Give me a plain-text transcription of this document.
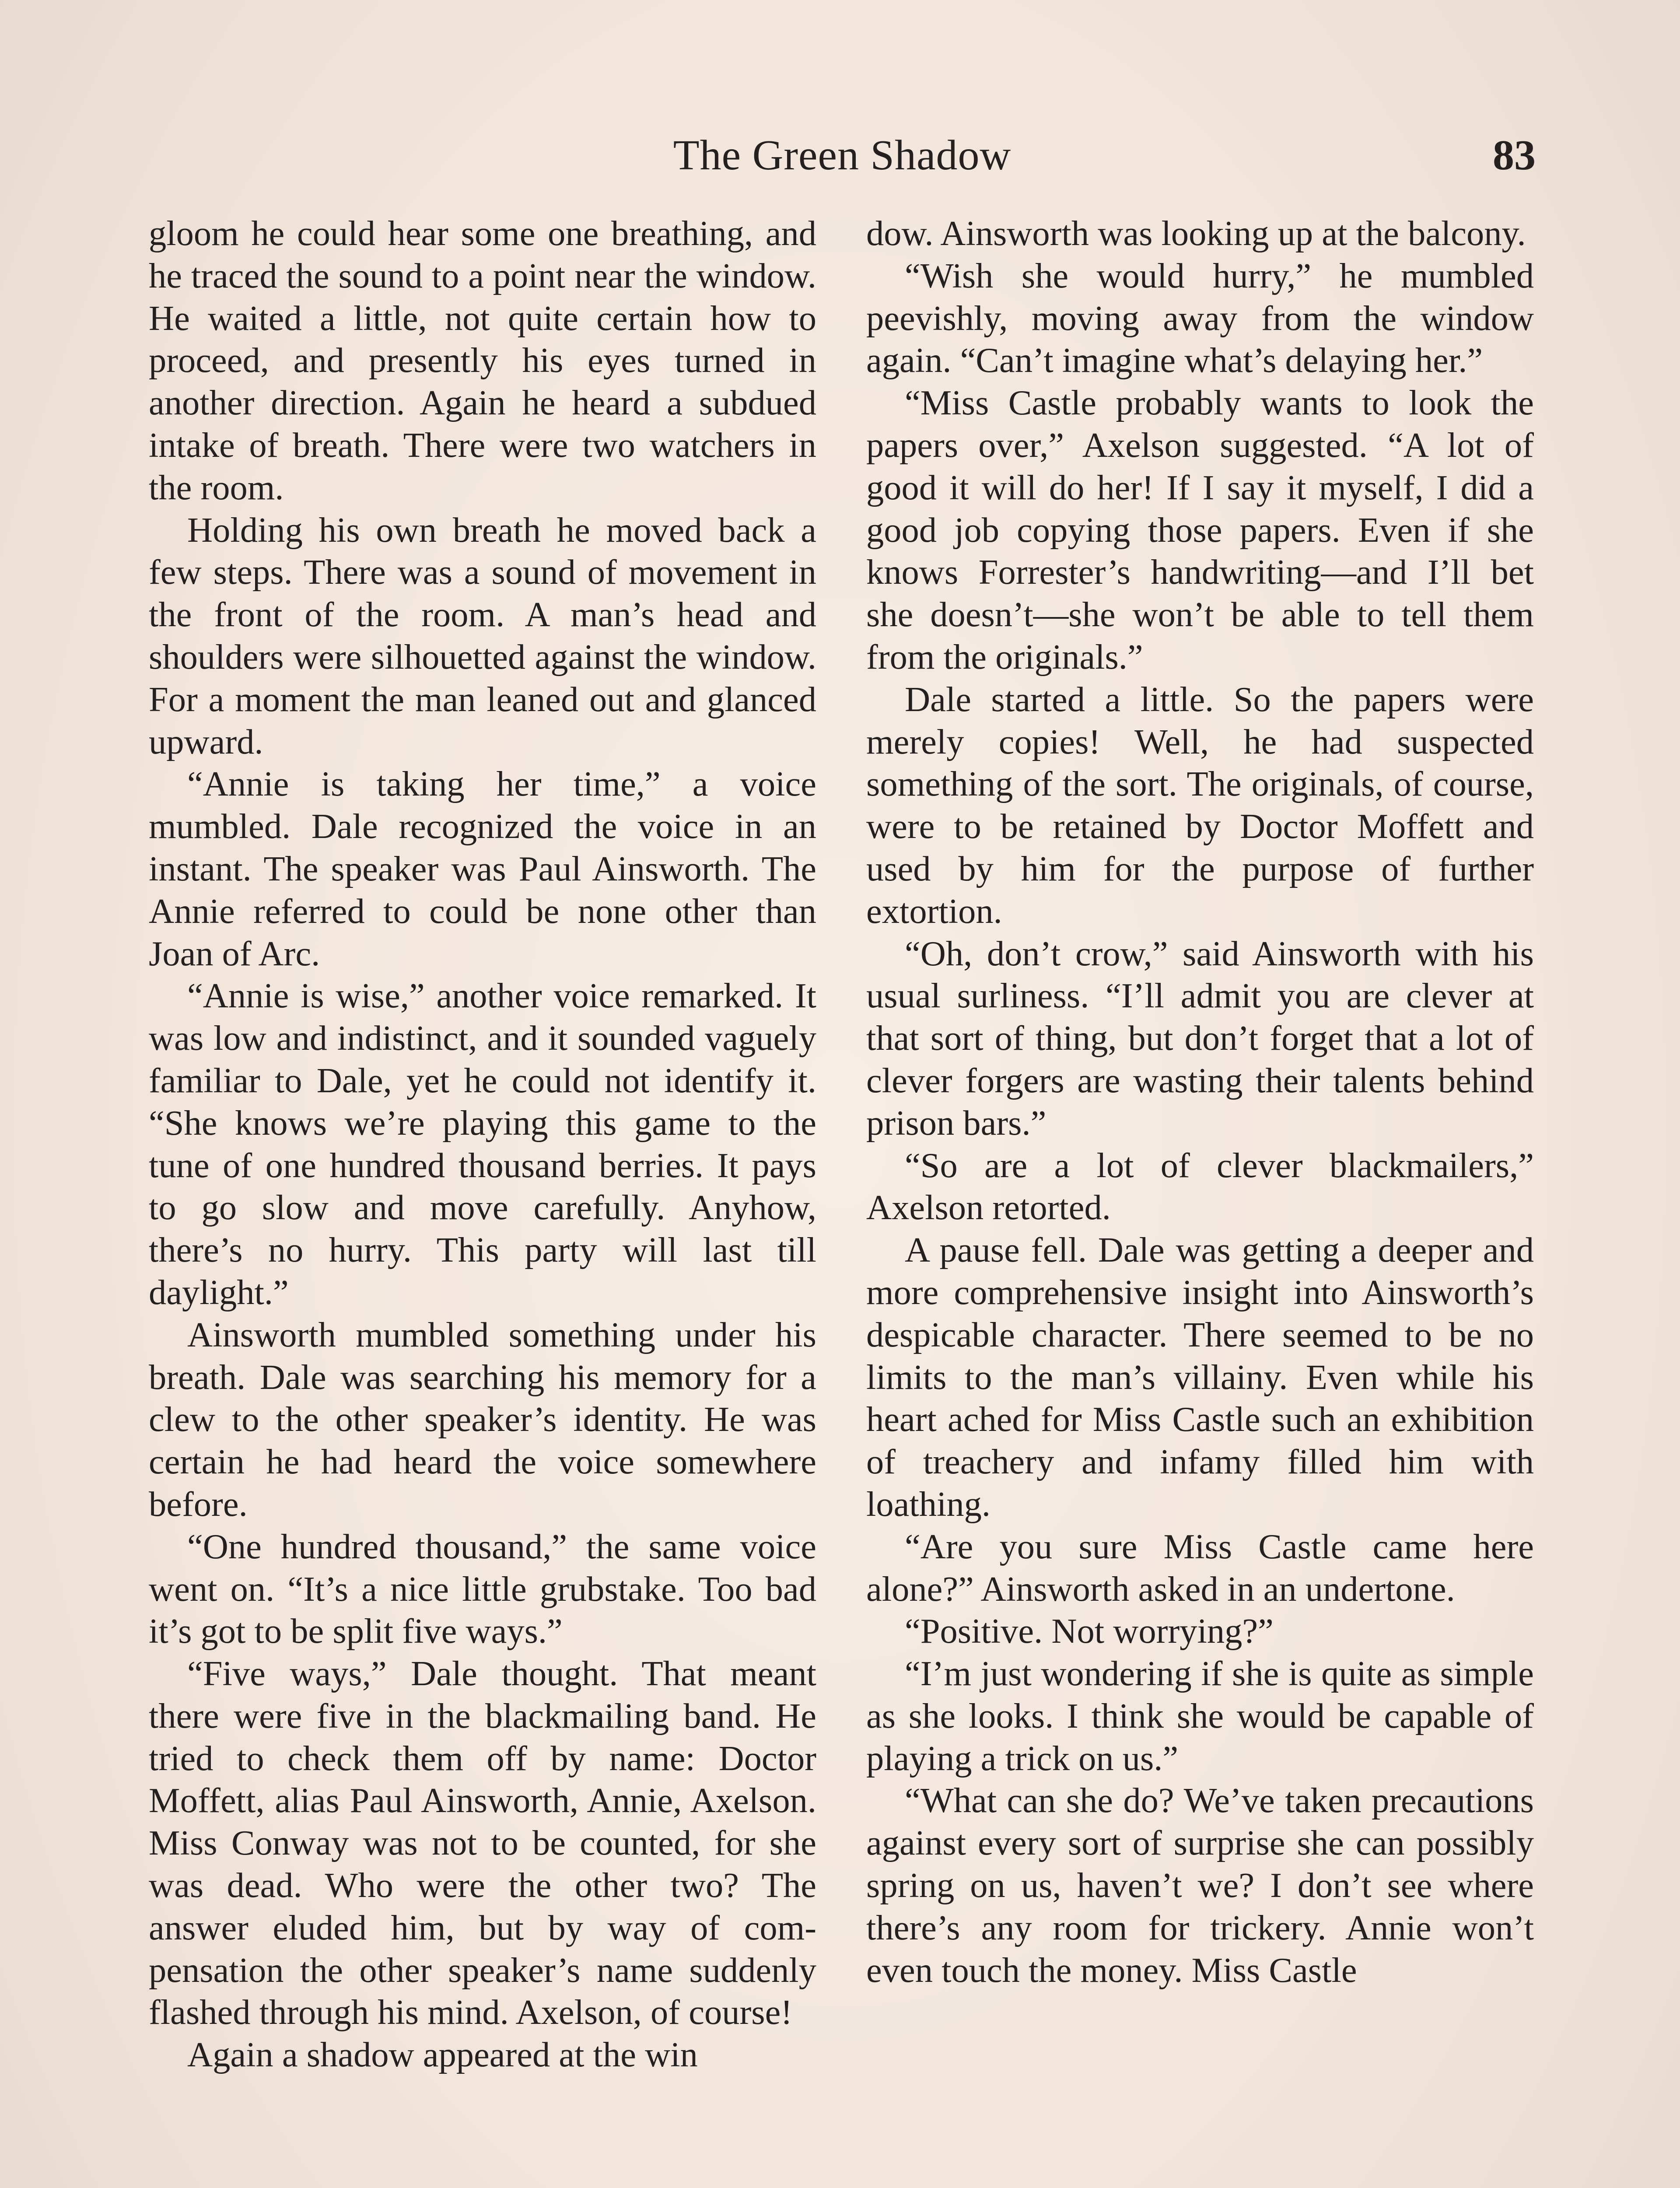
The Green Shadow	83

gloom he could hear some one breathing, and he traced the sound to a point near the window. He waited a little, not quite certain how to proceed, and presently his eyes turned in another direction. Again he heard a subdued intake of breath. There were two watchers in the room.

Holding his own breath he moved back a few steps. There was a sound of movement in the front of the room. A man’s head and shoulders were silhouetted against the window. For a moment the man leaned out and glanced upward.

“Annie is taking her time,” a voice mumbled. Dale recognized the voice in an instant. The speaker was Paul Ainsworth. The Annie referred to could be none other than Joan of Arc.

“Annie is wise,” another voice remarked. It was low and indistinct, and it sounded vaguely familiar to Dale, yet he could not identify it. “She knows we’re playing this game to the tune of one hundred thousand berries. It pays to go slow and move carefully. Anyhow, there’s no hurry. This party will last till daylight.”

Ainsworth mumbled something under his breath. Dale was searching his memory for a clew to the other speaker’s identity. He was certain he had heard the voice somewhere before.

“One hundred thousand,” the same voice went on. “It’s a nice little grubstake. Too bad it’s got to be split five ways.”

“Five ways,” Dale thought. That meant there were five in the blackmailing band. He tried to check them off by name: Doctor Moffett, alias Paul Ainsworth, Annie, Axelson. Miss Conway was not to be counted, for she was dead. Who were the other two? The answer eluded him, but by way of compensation the other speaker’s name suddenly flashed through his mind. Axelson, of course!

Again a shadow appeared at the win

dow. Ainsworth was looking up at the balcony.

“Wish she would hurry,” he mumbled peevishly, moving away from the window again. “Can’t imagine what’s delaying her.”

“Miss Castle probably wants to look the papers over,” Axelson suggested. “A lot of good it will do her! If I say it myself, I did a good job copying those papers. Even if she knows Forrester’s handwriting—and I’ll bet she doesn’t—she won’t be able to tell them from the originals.”

Dale started a little. So the papers were merely copies! Well, he had suspected something of the sort. The originals, of course, were to be retained by Doctor Moffett and used by him for the purpose of further extortion.

“Oh, don’t crow,” said Ainsworth with his usual surliness. “I’ll admit you are clever at that sort of thing, but don’t forget that a lot of clever forgers are wasting their talents behind prison bars.”

“So are a lot of clever blackmailers,” Axelson retorted.

A pause fell. Dale was getting a deeper and more comprehensive insight into Ainsworth’s despicable character. There seemed to be no limits to the man’s villainy. Even while his heart ached for Miss Castle such an exhibition of treachery and infamy filled him with loathing.

“Are you sure Miss Castle came here alone?” Ainsworth asked in an undertone.

“Positive. Not worrying?”

“I’m just wondering if she is quite as simple as she looks. I think she would be capable of playing a trick on us.”

“What can she do? We’ve taken precautions against every sort of surprise she can possibly spring on us, haven’t we? I don’t see where there’s any room for trickery. Annie won’t even touch the money. Miss Castle
